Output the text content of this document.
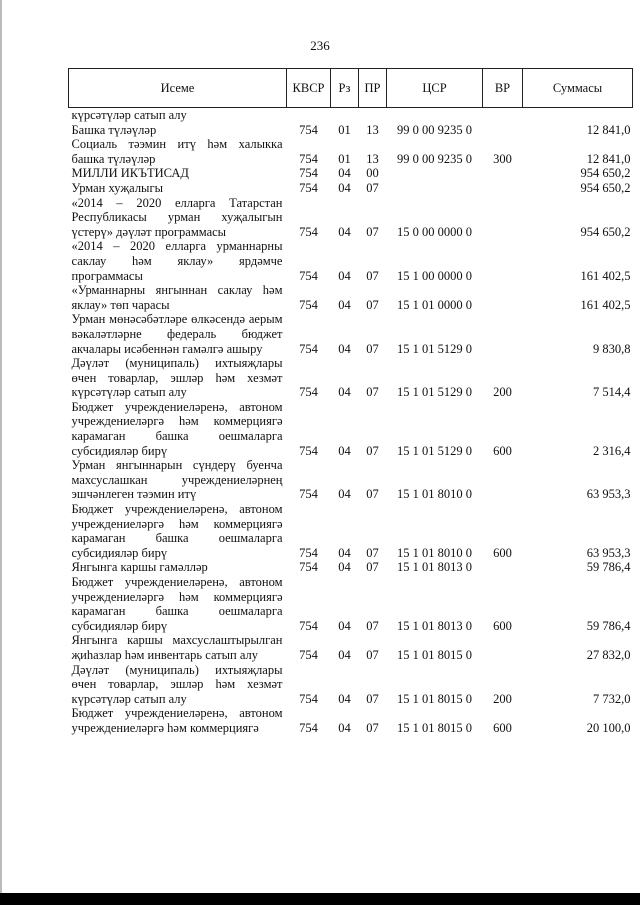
236
Исеме	КВСР	Рз	ПР	ЦСР	ВР	Суммасы
күрсәтүләр сатып алу						
Башка түләүләр	754	01	13	99 0 00 9235 0		12 841,0
Социаль тәэмин итү һәм халыкка башка түләүләр	754	01	13	99 0 00 9235 0	300	12 841,0
МИЛЛИ ИКЪТИСАД	754	04	00			954 650,2
Урман хуҗалыгы	754	04	07			954 650,2
«2014 – 2020 елларга Татарстан Республикасы урман хуҗалыгын үстерү» дәүләт программасы	754	04	07	15 0 00 0000 0		954 650,2
«2014 – 2020 елларга урманнарны саклау һәм яклау» ярдәмче программасы	754	04	07	15 1 00 0000 0		161 402,5
«Урманнарны янгыннан саклау һәм яклау» төп чарасы	754	04	07	15 1 01 0000 0		161 402,5
Урман мөнәсәбәтләре өлкәсендә аерым вәкаләтләрне федераль бюджет акчалары исәбеннән гамәлгә ашыру	754	04	07	15 1 01 5129 0		9 830,8
Дәүләт (муниципаль) ихтыяҗлары өчен товарлар, эшләр һәм хезмәт күрсәтүләр сатып алу	754	04	07	15 1 01 5129 0	200	7 514,4
Бюджет учреждениеләренә, автоном учреждениеләргә һәм коммерциягә карамаган башка оешмаларга субсидияләр бирү	754	04	07	15 1 01 5129 0	600	2 316,4
Урман янгыннарын сүндерү буенча махсуслашкан учреждениеләрнең эшчәнлеген тәэмин итү	754	04	07	15 1 01 8010 0		63 953,3
Бюджет учреждениеләренә, автоном учреждениеләргә һәм коммерциягә карамаган башка оешмаларга субсидияләр бирү	754	04	07	15 1 01 8010 0	600	63 953,3
Янгынга каршы гамәлләр	754	04	07	15 1 01 8013 0		59 786,4
Бюджет учреждениеләренә, автоном учреждениеләргә һәм коммерциягә карамаган башка оешмаларга субсидияләр бирү	754	04	07	15 1 01 8013 0	600	59 786,4
Янгынга каршы махсуслаштырылган җиһазлар һәм инвентарь сатып алу	754	04	07	15 1 01 8015 0		27 832,0
Дәүләт (муниципаль) ихтыяҗлары өчен товарлар, эшләр һәм хезмәт күрсәтүләр сатып алу	754	04	07	15 1 01 8015 0	200	7 732,0
Бюджет учреждениеләренә, автоном учреждениеләргә һәм коммерциягә	754	04	07	15 1 01 8015 0	600	20 100,0
